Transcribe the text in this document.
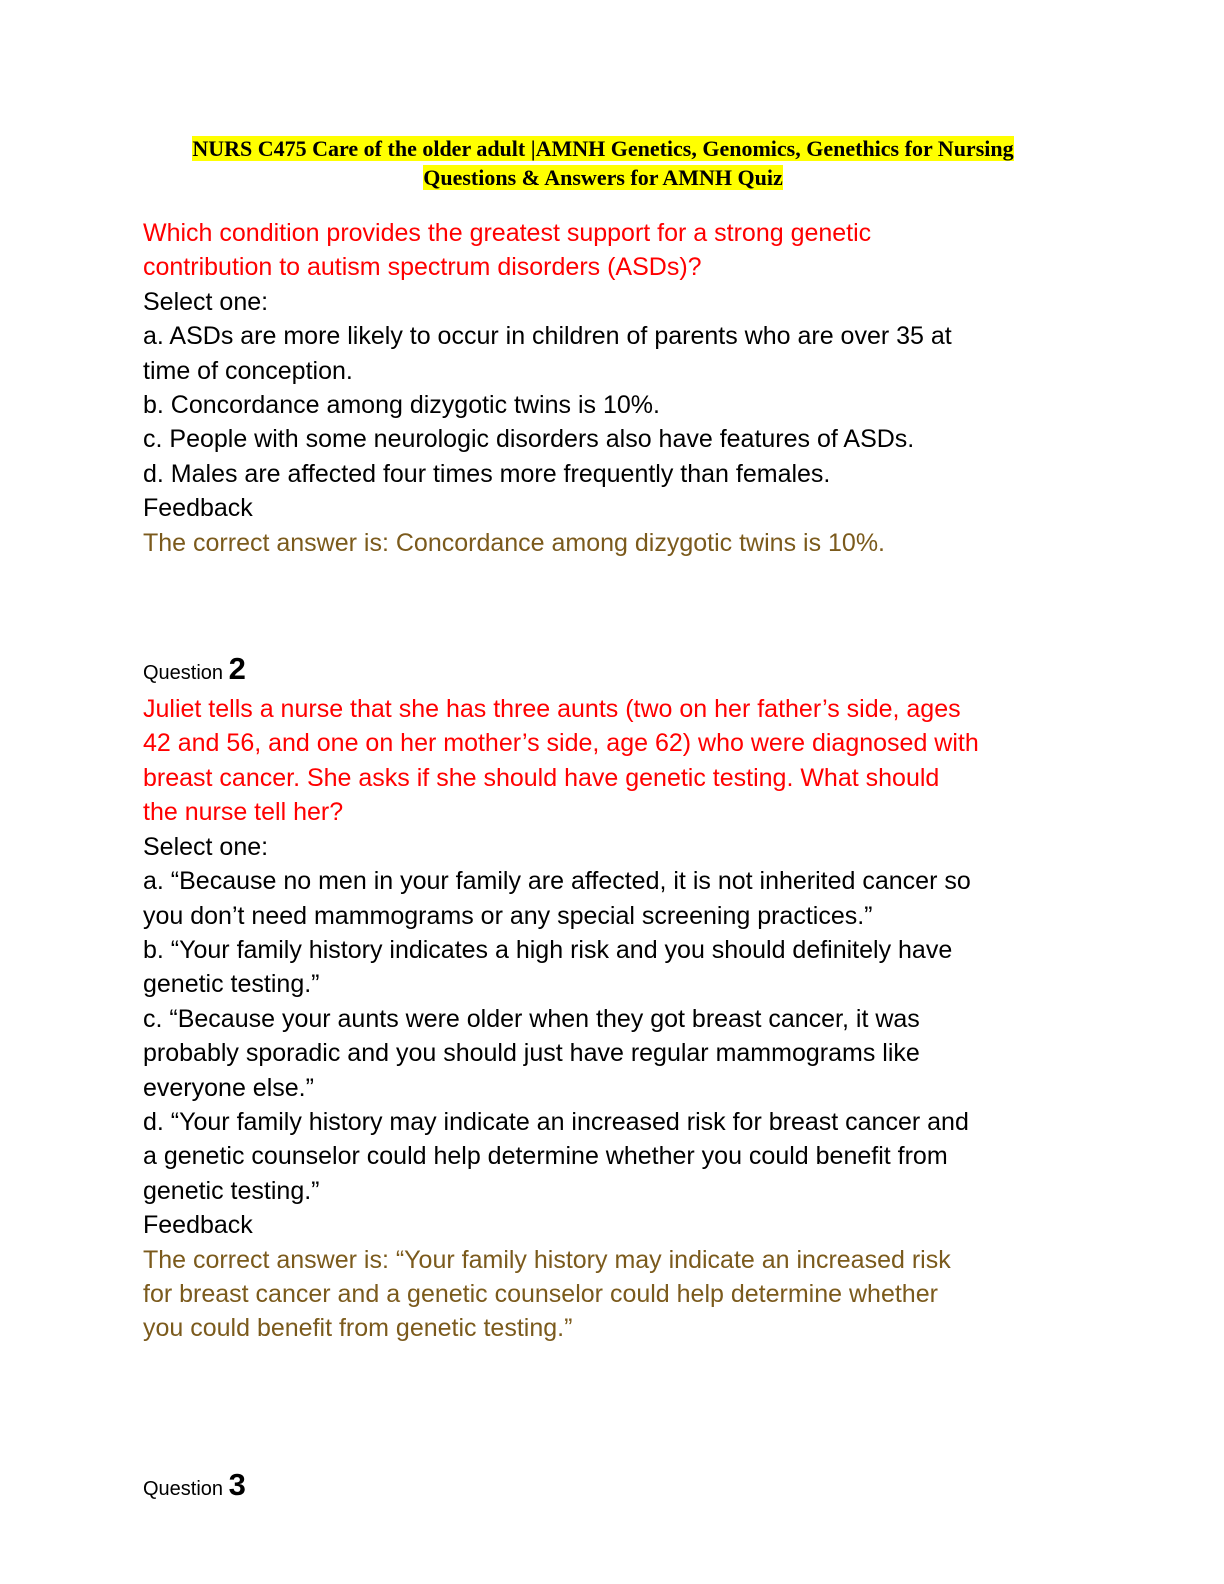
NURS C475 Care of the older adult |AMNH Genetics, Genomics, Genethics for Nursing
Questions & Answers for AMNH Quiz
Which condition provides the greatest support for a strong genetic
contribution to autism spectrum disorders (ASDs)?
Select one:
a. ASDs are more likely to occur in children of parents who are over 35 at
time of conception.
b. Concordance among dizygotic twins is 10%.
c. People with some neurologic disorders also have features of ASDs.
d. Males are affected four times more frequently than females.
Feedback
The correct answer is: Concordance among dizygotic twins is 10%.
Question 2
Juliet tells a nurse that she has three aunts (two on her father’s side, ages
42 and 56, and one on her mother’s side, age 62) who were diagnosed with
breast cancer. She asks if she should have genetic testing. What should
the nurse tell her?
Select one:
a. “Because no men in your family are affected, it is not inherited cancer so
you don’t need mammograms or any special screening practices.”
b. “Your family history indicates a high risk and you should definitely have
genetic testing.”
c. “Because your aunts were older when they got breast cancer, it was
probably sporadic and you should just have regular mammograms like
everyone else.”
d. “Your family history may indicate an increased risk for breast cancer and
a genetic counselor could help determine whether you could benefit from
genetic testing.”
Feedback
The correct answer is: “Your family history may indicate an increased risk
for breast cancer and a genetic counselor could help determine whether
you could benefit from genetic testing.”
Question 3
